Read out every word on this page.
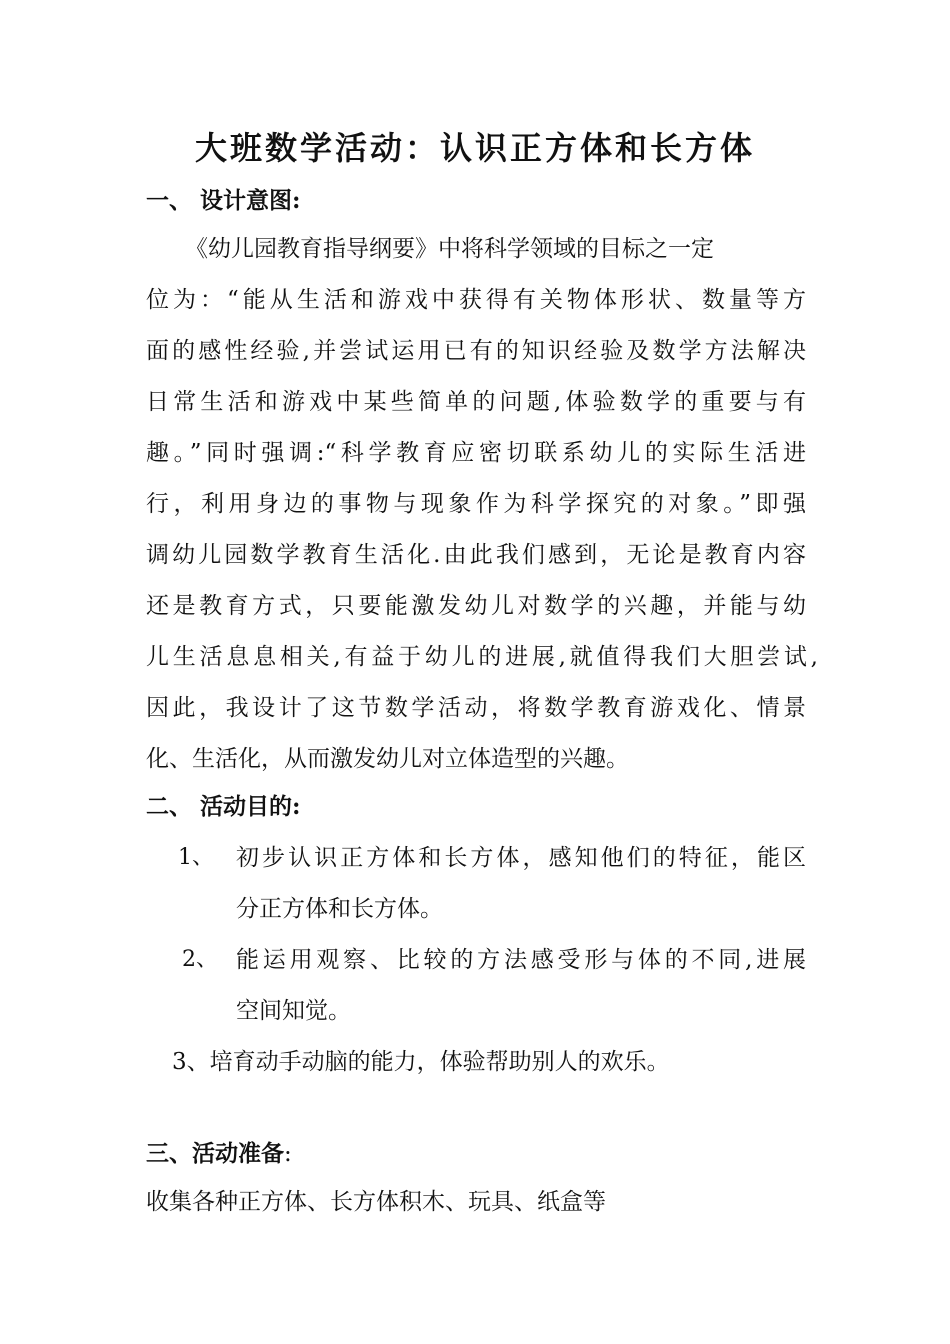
大班数学活动：认识正方体和长方体
一、 设计意图:
《幼儿园教育指导纲要》中将科学领域的目标之一定
位为：“能从生活和游戏中获得有关物体形状、数量等方
面的感性经验,并尝试运用已有的知识经验及数学方法解决
日常生活和游戏中某些简单的问题,体验数学的重要与有
趣。”同时强调:“科学教育应密切联系幼儿的实际生活进
行，利用身边的事物与现象作为科学探究的对象。”即强
调幼儿园数学教育生活化.由此我们感到，无论是教育内容
还是教育方式，只要能激发幼儿对数学的兴趣，并能与幼
儿生活息息相关,有益于幼儿的进展,就值得我们大胆尝试,
因此，我设计了这节数学活动，将数学教育游戏化、情景
化、生活化，从而激发幼儿对立体造型的兴趣。
二、 活动目的:
1、 初步认识正方体和长方体，感知他们的特征，能区
分正方体和长方体。
2、 能运用观察、比较的方法感受形与体的不同,进展
空间知觉。
3、培育动手动脑的能力，体验帮助别人的欢乐。
三、活动准备:
收集各种正方体、长方体积木、玩具、纸盒等
